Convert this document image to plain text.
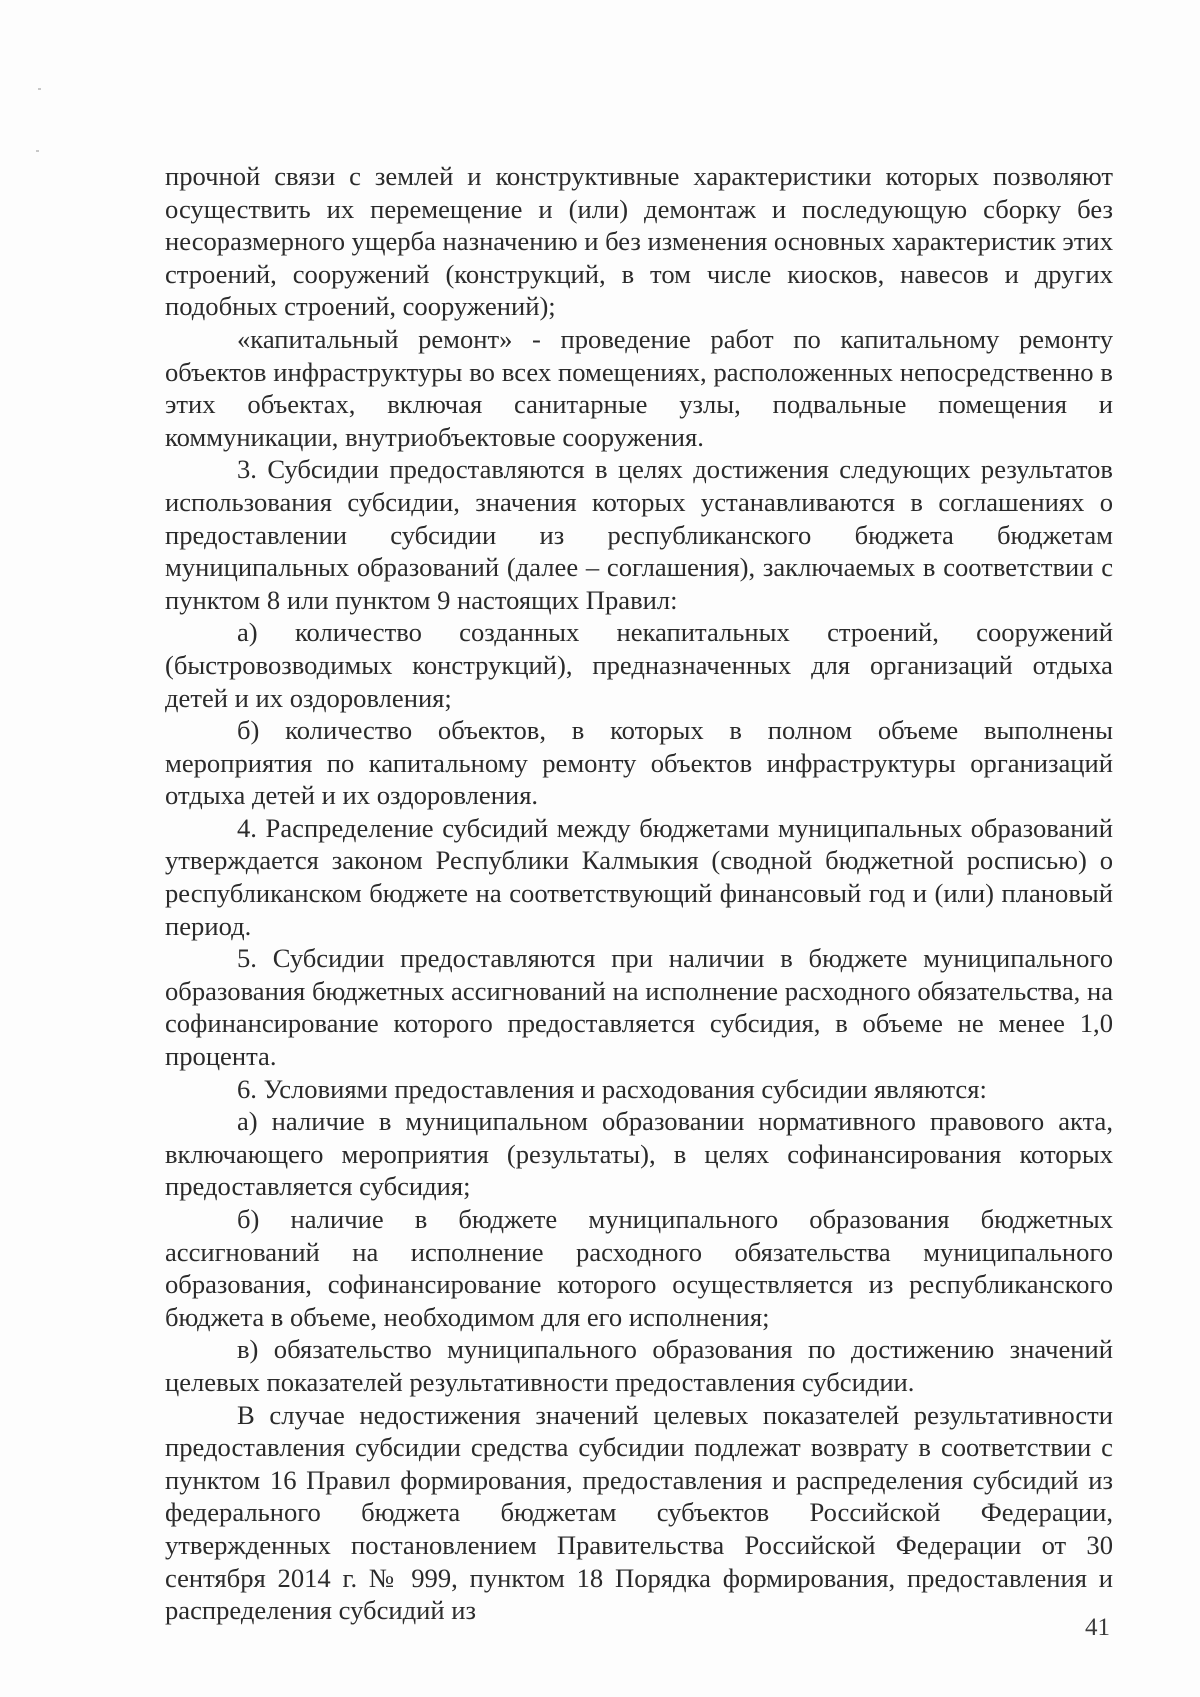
прочной связи с землей и конструктивные характеристики которых позволяют осуществить их перемещение и (или) демонтаж и последующую сборку без несоразмерного ущерба назначению и без изменения основных характеристик этих строений, сооружений (конструкций, в том числе киосков, навесов и других подобных строений, сооружений);

«капитальный ремонт» - проведение работ по капитальному ремонту объектов инфраструктуры во всех помещениях, расположенных непосредственно в этих объектах, включая санитарные узлы, подвальные помещения и коммуникации, внутриобъектовые сооружения.

3. Субсидии предоставляются в целях достижения следующих результатов использования субсидии, значения которых устанавливаются в соглашениях о предоставлении субсидии из республиканского бюджета бюджетам муниципальных образований (далее – соглашения), заключаемых в соответствии с пунктом 8 или пунктом 9 настоящих Правил:

а) количество созданных некапитальных строений, сооружений (быстровозводимых конструкций), предназначенных для организаций отдыха детей и их оздоровления;

б) количество объектов, в которых в полном объеме выполнены мероприятия по капитальному ремонту объектов инфраструктуры организаций отдыха детей и их оздоровления.

4. Распределение субсидий между бюджетами муниципальных образований утверждается законом Республики Калмыкия (сводной бюджетной росписью) о республиканском бюджете на соответствующий финансовый год и (или) плановый период.

5. Субсидии предоставляются при наличии в бюджете муниципального образования бюджетных ассигнований на исполнение расходного обязательства, на софинансирование которого предоставляется субсидия, в объеме не менее 1,0 процента.

6. Условиями предоставления и расходования субсидии являются:

а) наличие в муниципальном образовании нормативного правового акта, включающего мероприятия (результаты), в целях софинансирования которых предоставляется субсидия;

б) наличие в бюджете муниципального образования бюджетных ассигнований на исполнение расходного обязательства муниципального образования, софинансирование которого осуществляется из республиканского бюджета в объеме, необходимом для его исполнения;

в) обязательство муниципального образования по достижению значений целевых показателей результативности предоставления субсидии.

В случае недостижения значений целевых показателей результативности предоставления субсидии средства субсидии подлежат возврату в соответствии с пунктом 16 Правил формирования, предоставления и распределения субсидий из федерального бюджета бюджетам субъектов Российской Федерации, утвержденных постановлением Правительства Российской Федерации от 30 сентября 2014 г. № 999, пунктом 18 Порядка формирования, предоставления и распределения субсидий из

41
